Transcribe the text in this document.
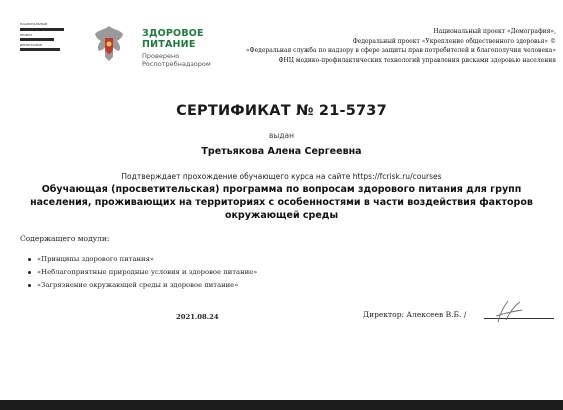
НАЦИОНАЛЬНЫЙ
ПРОЕКТ
ДЕМОГРАФИЯ
ЗДОРОВОЕ
ПИТАНИЕ
Проверено
Роспотребнадзором
Национальный проект «Демография»,
Федеральный проект «Укрепление общественного здоровья» ©
«Федеральная служба по надзору в сфере защиты прав потребителей и благополучия человека»
ФНЦ медико-профилактических технологий управления рисками здоровью населения
СЕРТИФИКАТ № 21-5737
выдан
Третьякова Алена Сергеевна
Подтверждает прохождение обучающего курса на сайте https://fcrisk.ru/courses
Обучающая (просветительская) программа по вопросам здорового питания для групп
населения, проживающих на территориях с особенностями в части воздействия факторов
окружающей среды
Содержащего модули:
«Принципы здорового питания»
«Неблагоприятные природные условия и здоровое питание»
«Загрязнение окружающей среды и здоровое питание»
2021.08.24	Директор: Алексеев В.Б. /
